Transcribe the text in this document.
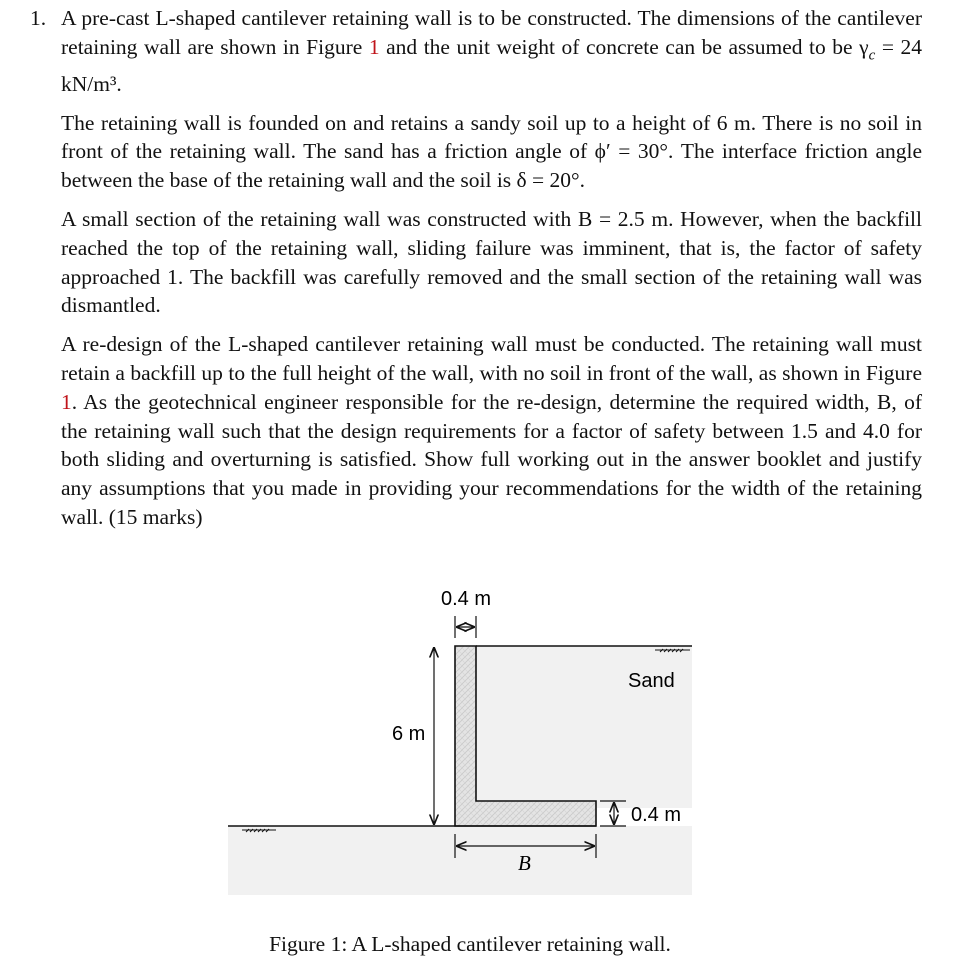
1. A pre-cast L-shaped cantilever retaining wall is to be constructed. The dimensions of the cantilever retaining wall are shown in Figure 1 and the unit weight of concrete can be assumed to be $\gamma_c = 24$ kN/m³.

The retaining wall is founded on and retains a sandy soil up to a height of 6 m. There is no soil in front of the retaining wall. The sand has a friction angle of ϕ′ = 30°. The interface friction angle between the base of the retaining wall and the soil is δ = 20°.

A small section of the retaining wall was constructed with B = 2.5 m. However, when the backfill reached the top of the retaining wall, sliding failure was imminent, that is, the factor of safety approached 1. The backfill was carefully removed and the small section of the retaining wall was dismantled.

A re-design of the L-shaped cantilever retaining wall must be conducted. The retaining wall must retain a backfill up to the full height of the wall, with no soil in front of the wall, as shown in Figure 1. As the geotechnical engineer responsible for the re-design, determine the required width, B, of the retaining wall such that the design requirements for a factor of safety between 1.5 and 4.0 for both sliding and overturning is satisfied. Show full working out in the answer booklet and justify any assumptions that you made in providing your recommendations for the width of the retaining wall. (15 marks)

0.4 m
6 m
Sand
0.4 m
B
Figure 1: A L-shaped cantilever retaining wall.
